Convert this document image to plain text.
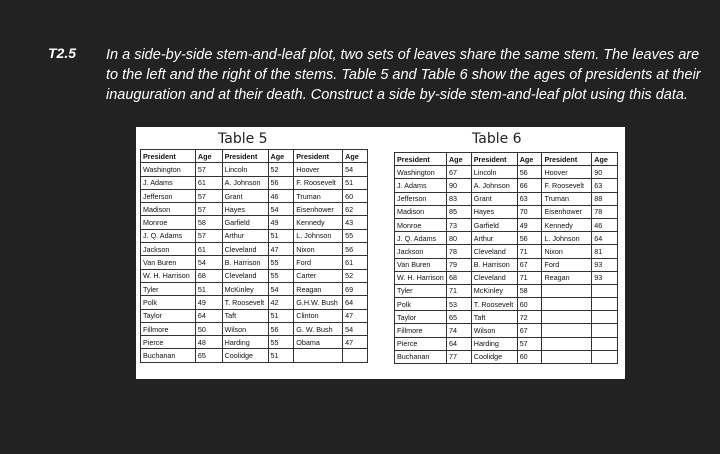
T2.5 In a side-by-side stem-and-leaf plot, two sets of leaves share the same stem. The leaves are to the left and the right of the stems. Table 5 and Table 6 show the ages of presidents at their inauguration and at their death. Construct a side by-side stem-and-leaf plot using this data.

Table 5
President	Age	President	Age	President	Age
Washington	57	Lincoln	52	Hoover	54
J. Adams	61	A. Johnson	56	F. Roosevelt	51
Jefferson	57	Grant	46	Truman	60
Madison	57	Hayes	54	Eisenhower	62
Monroe	58	Garfield	49	Kennedy	43
J. Q. Adams	57	Arthur	51	L. Johnson	55
Jackson	61	Cleveland	47	Nixon	56
Van Buren	54	B. Harrison	55	Ford	61
W. H. Harrison	68	Cleveland	55	Carter	52
Tyler	51	McKinley	54	Reagan	69
Polk	49	T. Roosevelt	42	G.H.W. Bush	64
Taylor	64	Taft	51	Clinton	47
Fillmore	50	Wilson	56	G. W. Bush	54
Pierce	48	Harding	55	Obama	47
Buchanan	65	Coolidge	51		
Table 6
President	Age	President	Age	President	Age
Washington	67	Lincoln	56	Hoover	90
J. Adams	90	A. Johnson	66	F. Roosevelt	63
Jefferson	83	Grant	63	Truman	88
Madison	85	Hayes	70	Eisenhower	78
Monroe	73	Garfield	49	Kennedy	46
J. Q. Adams	80	Arthur	56	L. Johnson	64
Jackson	78	Cleveland	71	Nixon	81
Van Buren	79	B. Harrison	67	Ford	93
W. H. Harrison	68	Cleveland	71	Reagan	93
Tyler	71	McKinley	58		
Polk	53	T. Roosevelt	60		
Taylor	65	Taft	72		
Fillmore	74	Wilson	67		
Pierce	64	Harding	57		
Buchanan	77	Coolidge	60		
